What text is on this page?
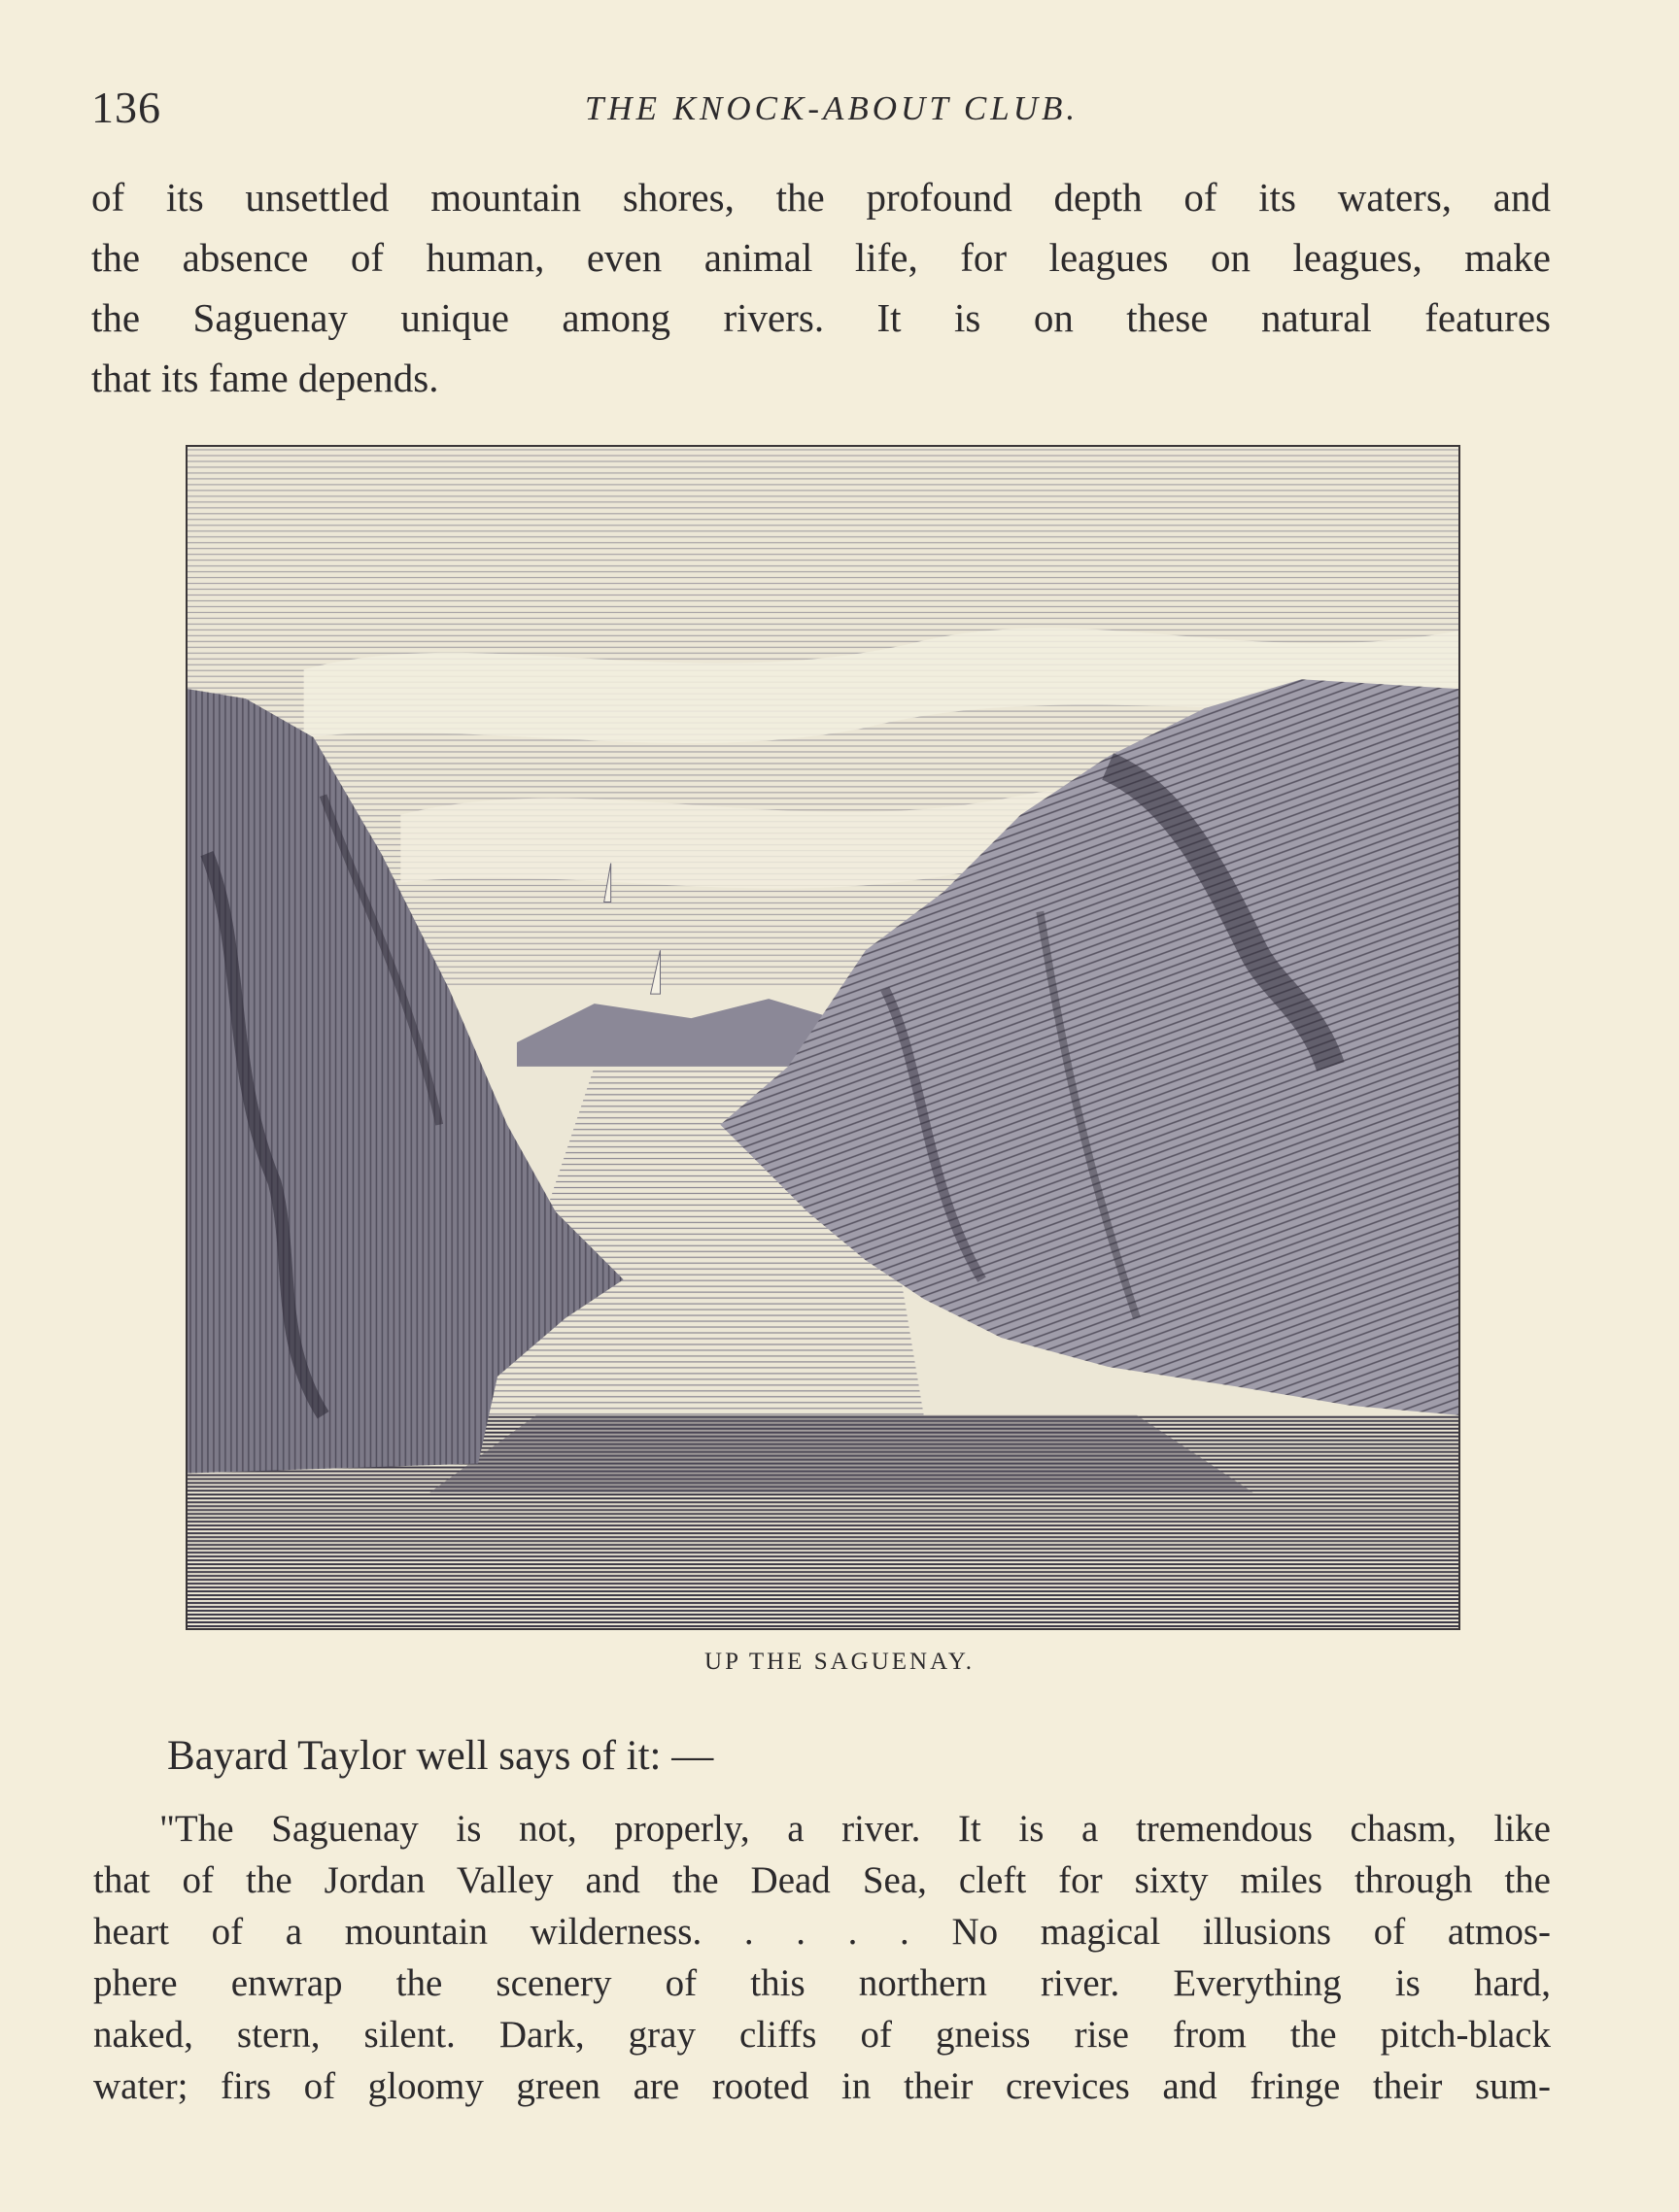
136	THE KNOCK-ABOUT CLUB.
of its unsettled mountain shores, the profound depth of its waters, and
the absence of human, even animal life, for leagues on leagues, make
the Saguenay unique among rivers. It is on these natural features
that its fame depends.
UP THE SAGUENAY.
Bayard Taylor well says of it: —
"The Saguenay is not, properly, a river. It is a tremendous chasm, like
that of the Jordan Valley and the Dead Sea, cleft for sixty miles through the
heart of a mountain wilderness. . . . . No magical illusions of atmos-
phere enwrap the scenery of this northern river. Everything is hard,
naked, stern, silent. Dark, gray cliffs of gneiss rise from the pitch-black
water; firs of gloomy green are rooted in their crevices and fringe their sum-
